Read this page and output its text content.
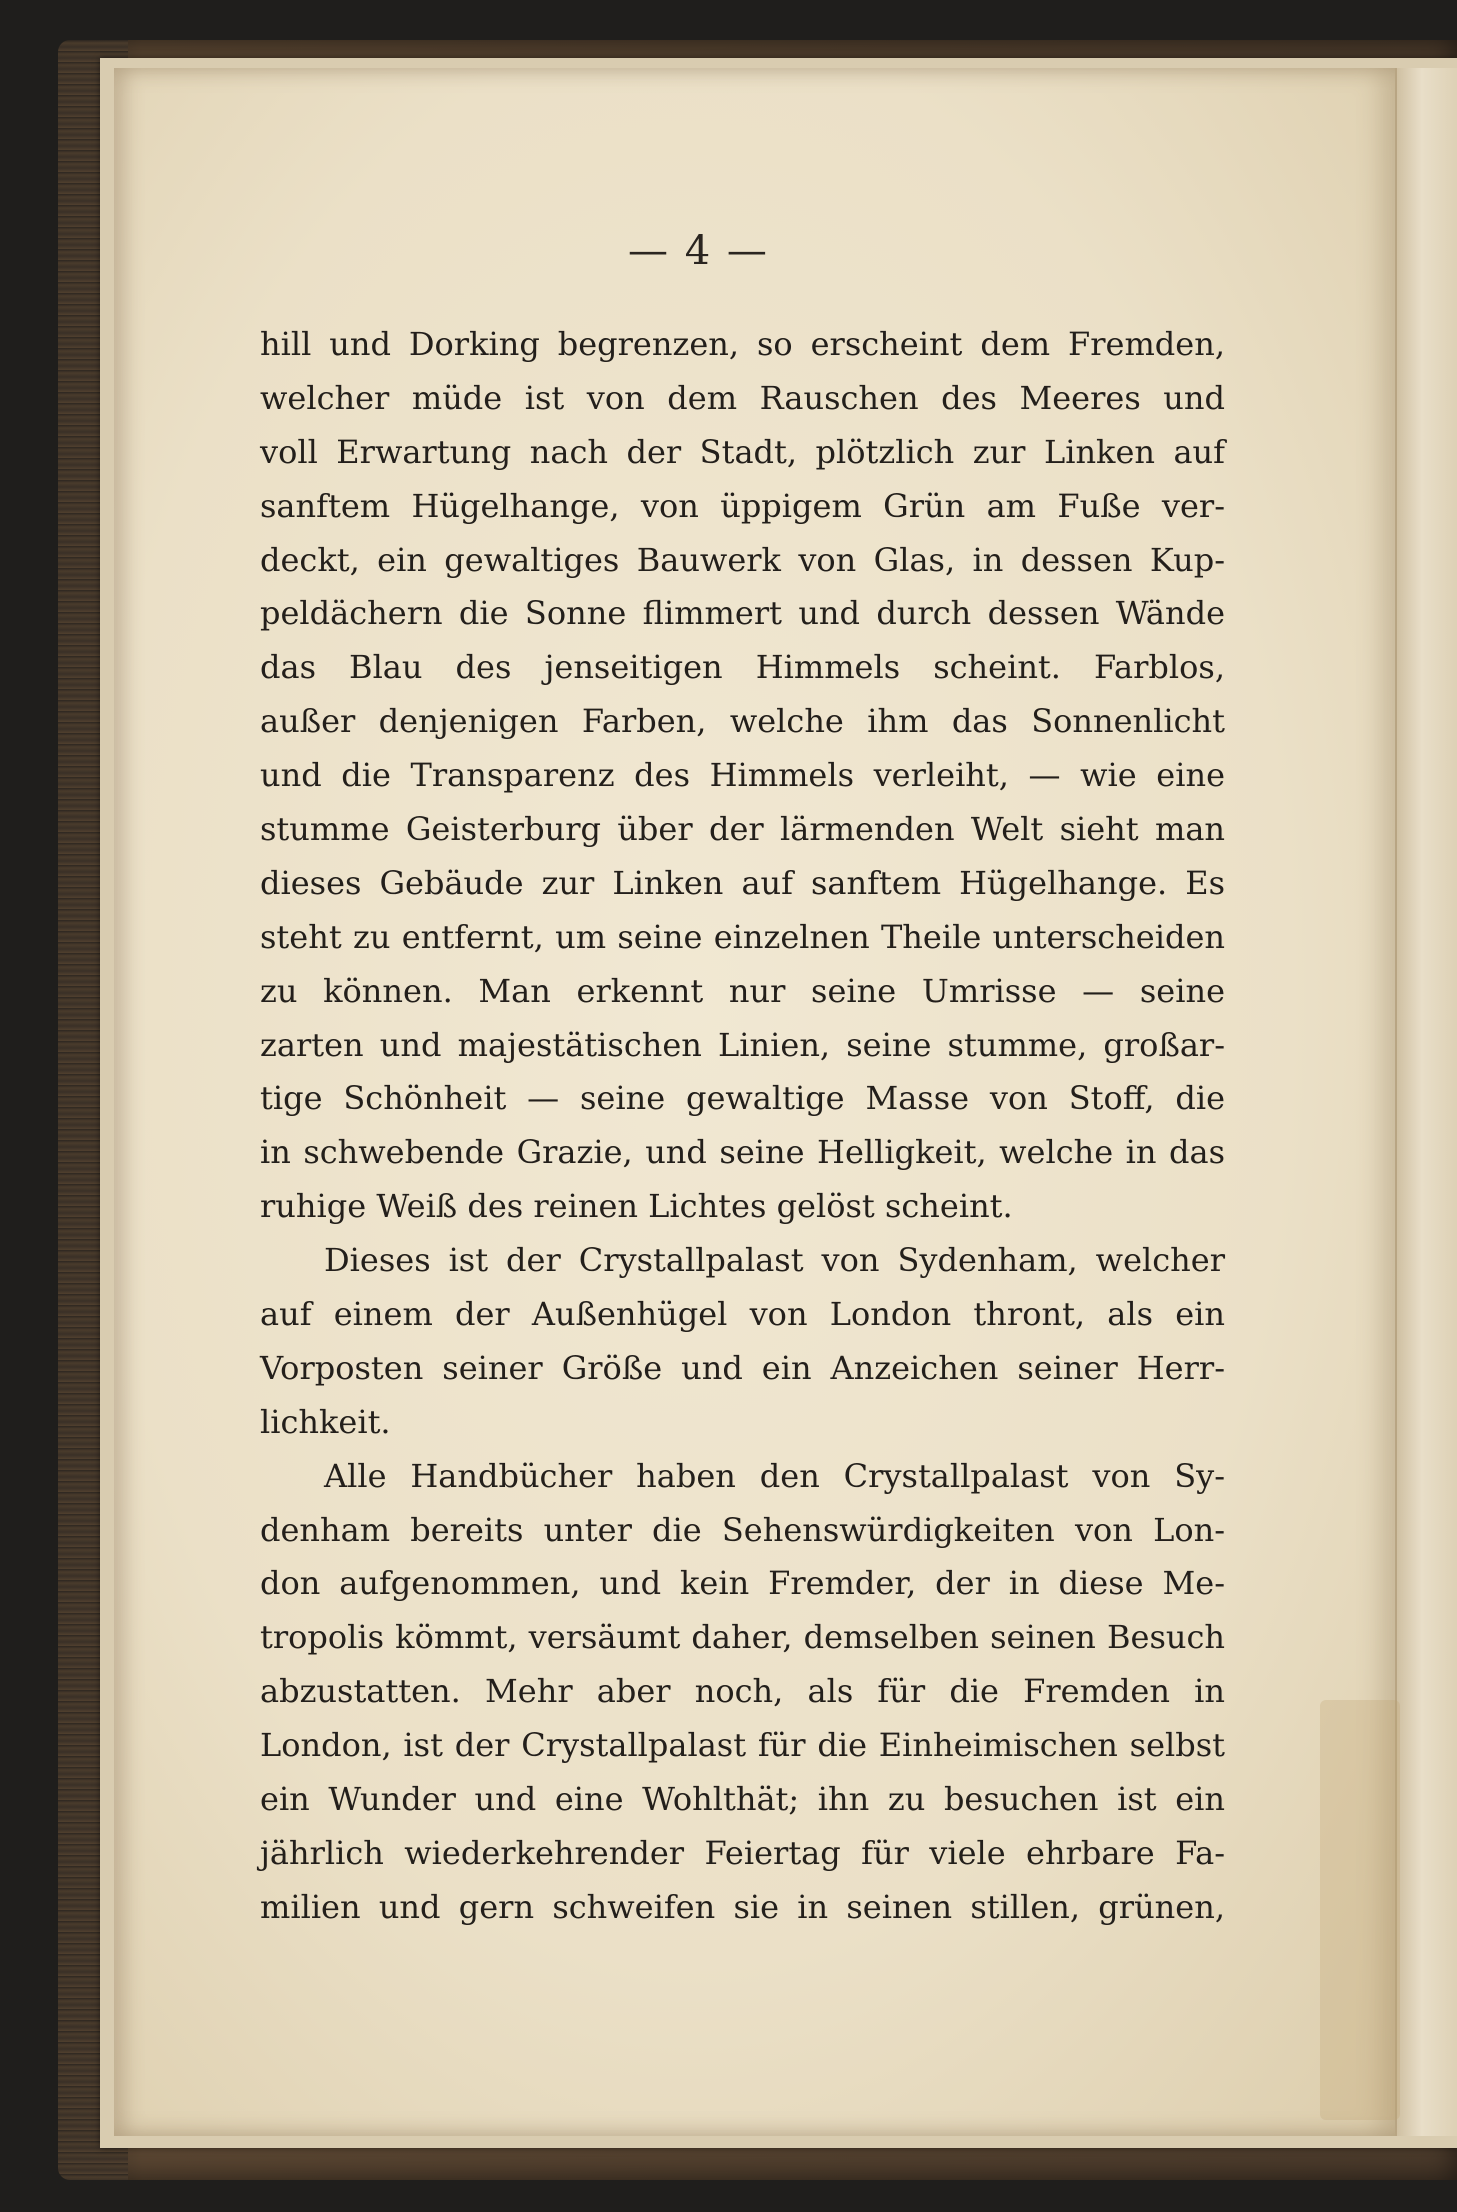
— 4 —
hill und Dorking begrenzen, so erscheint dem Fremden,
welcher müde ist von dem Rauschen des Meeres und
voll Erwartung nach der Stadt, plötzlich zur Linken auf
sanftem Hügelhange, von üppigem Grün am Fuße ver-
deckt, ein gewaltiges Bauwerk von Glas, in dessen Kup-
peldächern die Sonne flimmert und durch dessen Wände
das Blau des jenseitigen Himmels scheint. Farblos,
außer denjenigen Farben, welche ihm das Sonnenlicht
und die Transparenz des Himmels verleiht, — wie eine
stumme Geisterburg über der lärmenden Welt sieht man
dieses Gebäude zur Linken auf sanftem Hügelhange. Es
steht zu entfernt, um seine einzelnen Theile unterscheiden
zu können. Man erkennt nur seine Umrisse — seine
zarten und majestätischen Linien, seine stumme, großar-
tige Schönheit — seine gewaltige Masse von Stoff, die
in schwebende Grazie, und seine Helligkeit, welche in das
ruhige Weiß des reinen Lichtes gelöst scheint.
Dieses ist der Crystallpalast von Sydenham, welcher
auf einem der Außenhügel von London thront, als ein
Vorposten seiner Größe und ein Anzeichen seiner Herr-
lichkeit.
Alle Handbücher haben den Crystallpalast von Sy-
denham bereits unter die Sehenswürdigkeiten von Lon-
don aufgenommen, und kein Fremder, der in diese Me-
tropolis kömmt, versäumt daher, demselben seinen Besuch
abzustatten. Mehr aber noch, als für die Fremden in
London, ist der Crystallpalast für die Einheimischen selbst
ein Wunder und eine Wohlthät; ihn zu besuchen ist ein
jährlich wiederkehrender Feiertag für viele ehrbare Fa-
milien und gern schweifen sie in seinen stillen, grünen,
